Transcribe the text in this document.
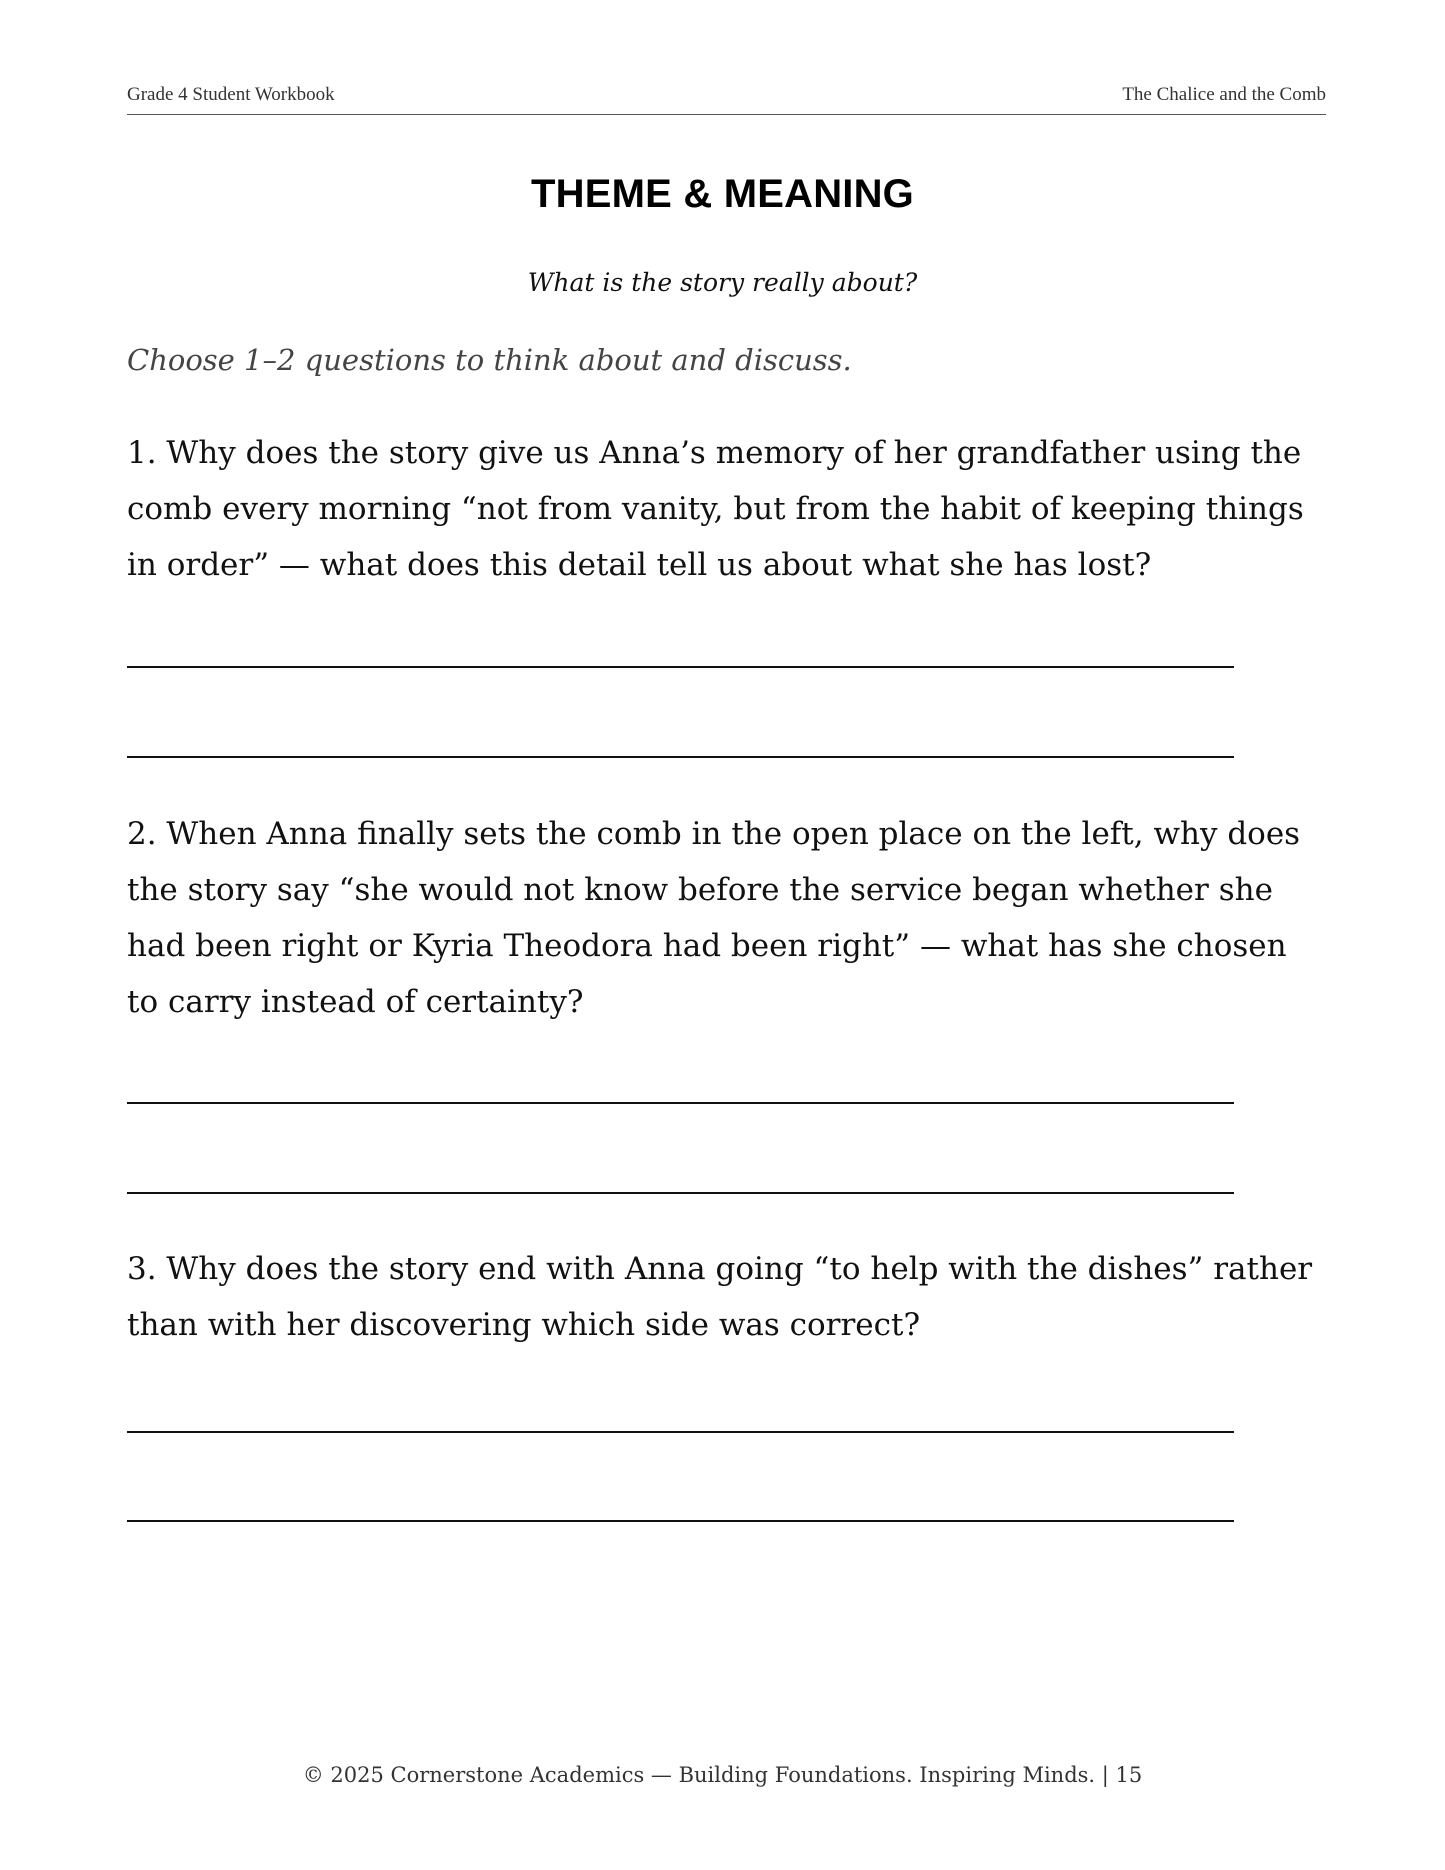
Grade 4 Student Workbook	The Chalice and the Comb
THEME & MEANING
What is the story really about?
Choose 1–2 questions to think about and discuss.
1. Why does the story give us Anna’s memory of her grandfather using the comb every morning “not from vanity, but from the habit of keeping things in order” — what does this detail tell us about what she has lost?
2. When Anna finally sets the comb in the open place on the left, why does the story say “she would not know before the service began whether she had been right or Kyria Theodora had been right” — what has she chosen to carry instead of certainty?
3. Why does the story end with Anna going “to help with the dishes” rather than with her discovering which side was correct?
© 2025 Cornerstone Academics — Building Foundations. Inspiring Minds. | 15
